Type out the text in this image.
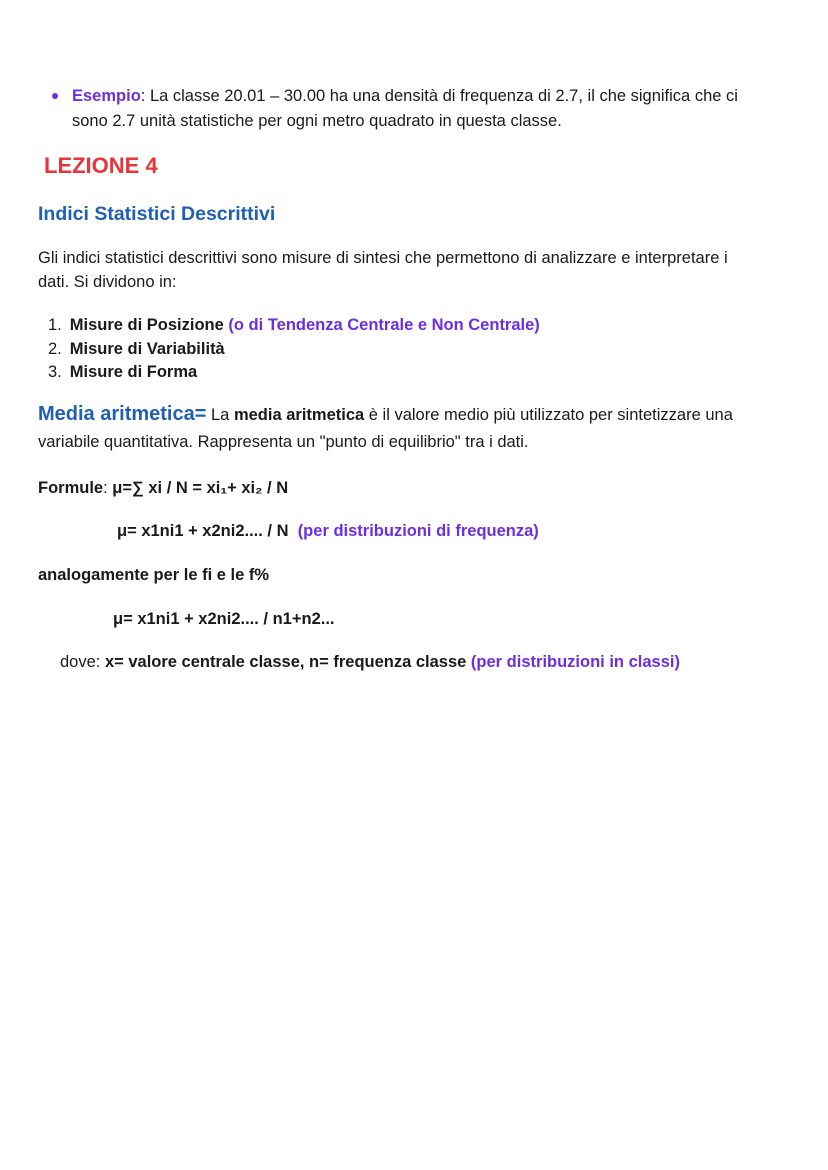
Esempio: La classe 20.01 – 30.00 ha una densità di frequenza di 2.7, il che significa che ci
sono 2.7 unità statistiche per ogni metro quadrato in questa classe.
LEZIONE 4
Indici Statistici Descrittivi
Gli indici statistici descrittivi sono misure di sintesi che permettono di analizzare e interpretare i
dati. Si dividono in:
1. Misure di Posizione (o di Tendenza Centrale e Non Centrale)
2. Misure di Variabilità
3. Misure di Forma
Media aritmetica= La media aritmetica è il valore medio più utilizzato per sintetizzare una
variabile quantitativa. Rappresenta un "punto di equilibrio" tra i dati.
Formule: μ=∑ xi / N = xi₁+ xi₂ / N
μ= x1ni1 + x2ni2.... / N (per distribuzioni di frequenza)
analogamente per le fi e le f%
μ= x1ni1 + x2ni2.... / n1+n2...
dove: x= valore centrale classe, n= frequenza classe (per distribuzioni in classi)
